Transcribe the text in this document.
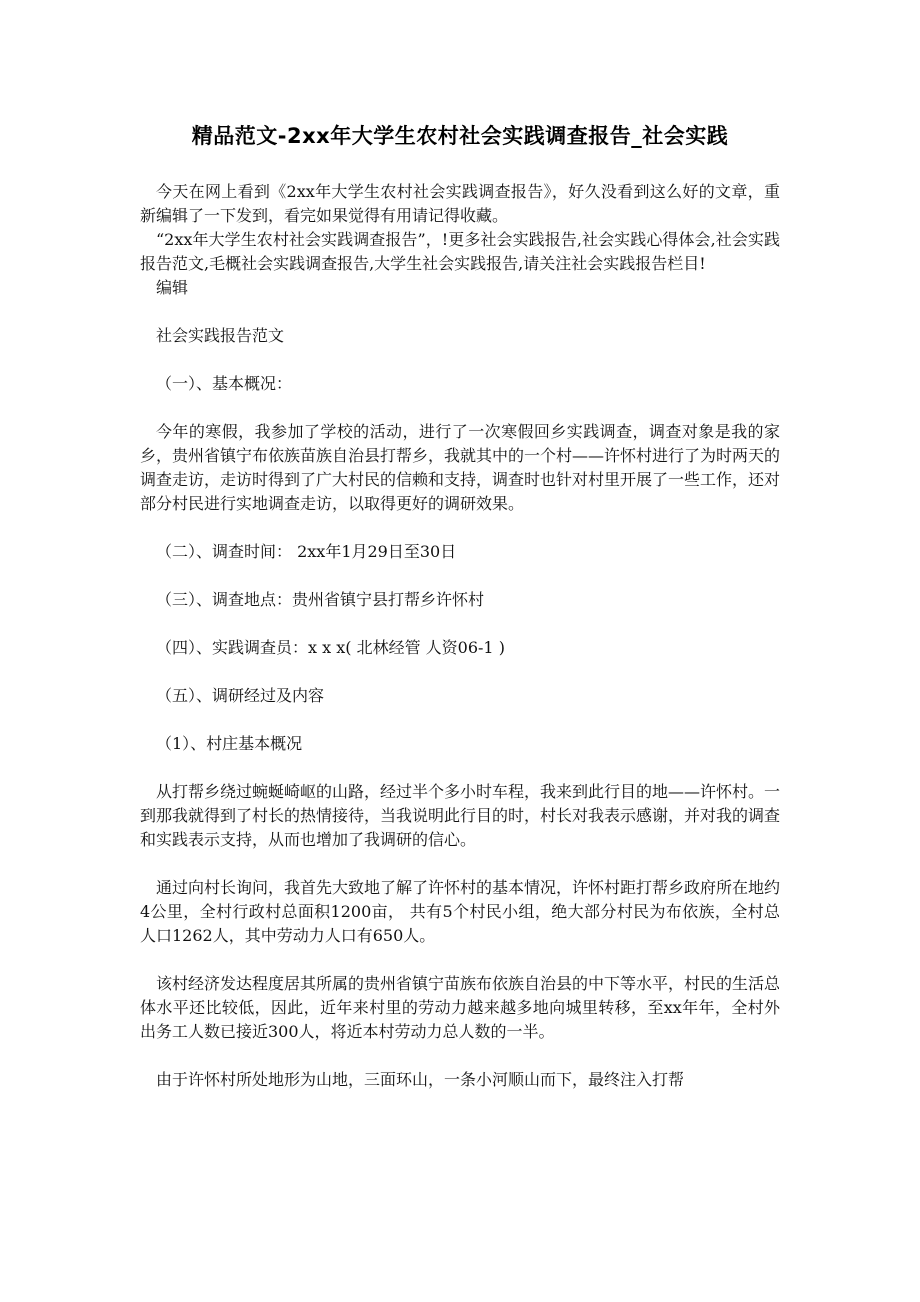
精品范文-2xx年大学生农村社会实践调查报告_社会实践

今天在网上看到《2xx年大学生农村社会实践调查报告》，好久没看到这么好的文章，重新编辑了一下发到，看完如果觉得有用请记得收藏。

“2xx年大学生农村社会实践调查报告”，!更多社会实践报告,社会实践心得体会,社会实践报告范文,毛概社会实践调查报告,大学生社会实践报告,请关注社会实践报告栏目!

编辑

社会实践报告范文

（一）、基本概况：

今年的寒假，我参加了学校的活动，进行了一次寒假回乡实践调查，调查对象是我的家乡，贵州省镇宁布依族苗族自治县打帮乡，我就其中的一个村——许怀村进行了为时两天的调查走访，走访时得到了广大村民的信赖和支持，调查时也针对村里开展了一些工作，还对部分村民进行实地调查走访，以取得更好的调研效果。

（二）、调查时间： 2xx年1月29日至30日

（三）、调查地点：贵州省镇宁县打帮乡许怀村

（四）、实践调查员：x x x( 北林经管 人资06-1 )

（五）、调研经过及内容

（1）、村庄基本概况

从打帮乡绕过蜿蜒崎岖的山路，经过半个多小时车程，我来到此行目的地——许怀村。一到那我就得到了村长的热情接待，当我说明此行目的时，村长对我表示感谢，并对我的调查和实践表示支持，从而也增加了我调研的信心。

通过向村长询问，我首先大致地了解了许怀村的基本情况，许怀村距打帮乡政府所在地约4公里，全村行政村总面积1200亩， 共有5个村民小组，绝大部分村民为布依族，全村总人口1262人，其中劳动力人口有650人。

该村经济发达程度居其所属的贵州省镇宁苗族布依族自治县的中下等水平，村民的生活总体水平还比较低，因此，近年来村里的劳动力越来越多地向城里转移，至xx年年，全村外出务工人数已接近300人，将近本村劳动力总人数的一半。

由于许怀村所处地形为山地，三面环山，一条小河顺山而下，最终注入打帮
